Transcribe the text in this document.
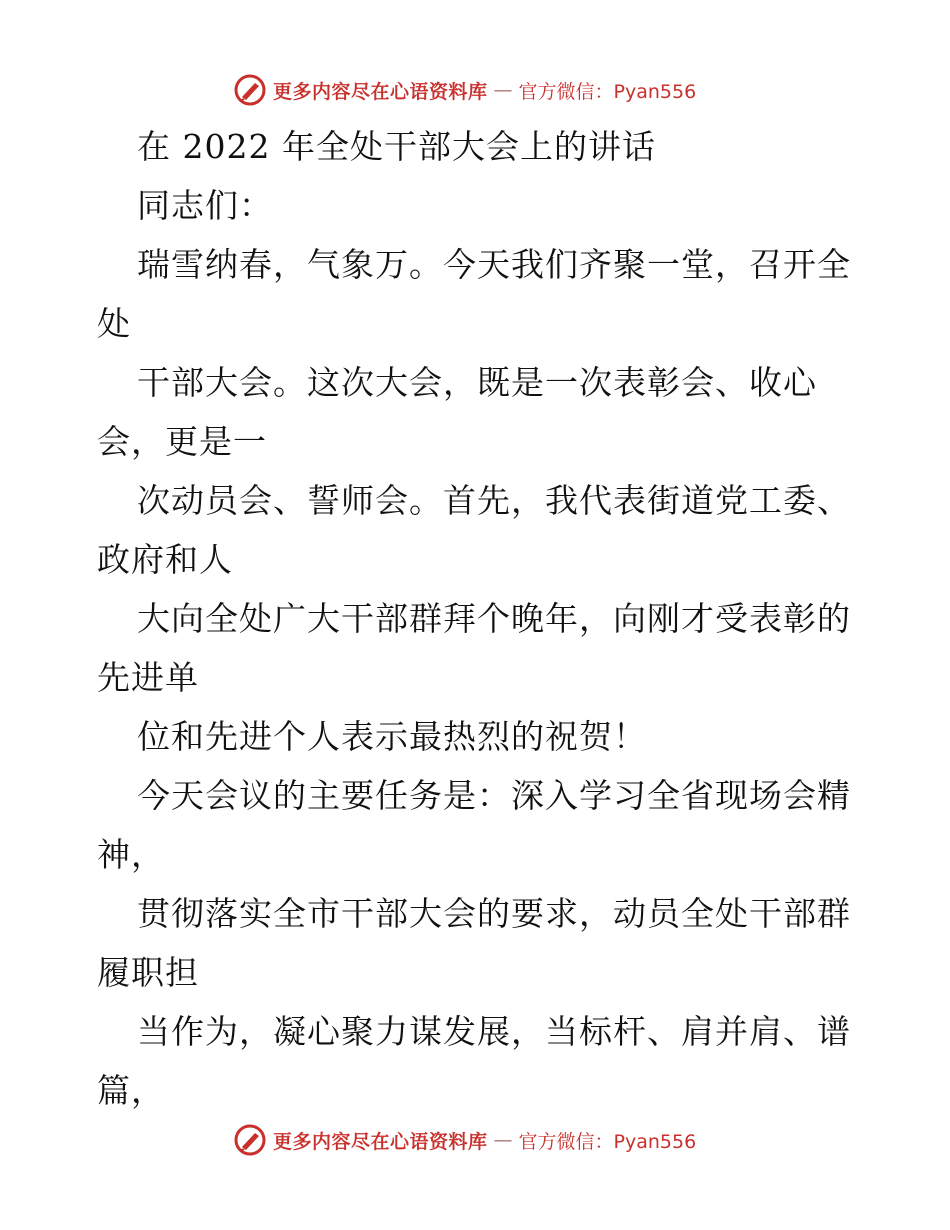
更多内容尽在心语资料库 — 官方微信：Pyan556
在 2022 年全处干部大会上的讲话
同志们：
瑞雪纳春，气象万。今天我们齐聚一堂，召开全
处
干部大会。这次大会，既是一次表彰会、收心
会，更是一
次动员会、誓师会。首先，我代表街道党工委、
政府和人
大向全处广大干部群拜个晚年，向刚才受表彰的
先进单
位和先进个人表示最热烈的祝贺！
今天会议的主要任务是：深入学习全省现场会精
神，
贯彻落实全市干部大会的要求，动员全处干部群
履职担
当作为，凝心聚力谋发展，当标杆、肩并肩、谱
篇，
更多内容尽在心语资料库 — 官方微信：Pyan556
